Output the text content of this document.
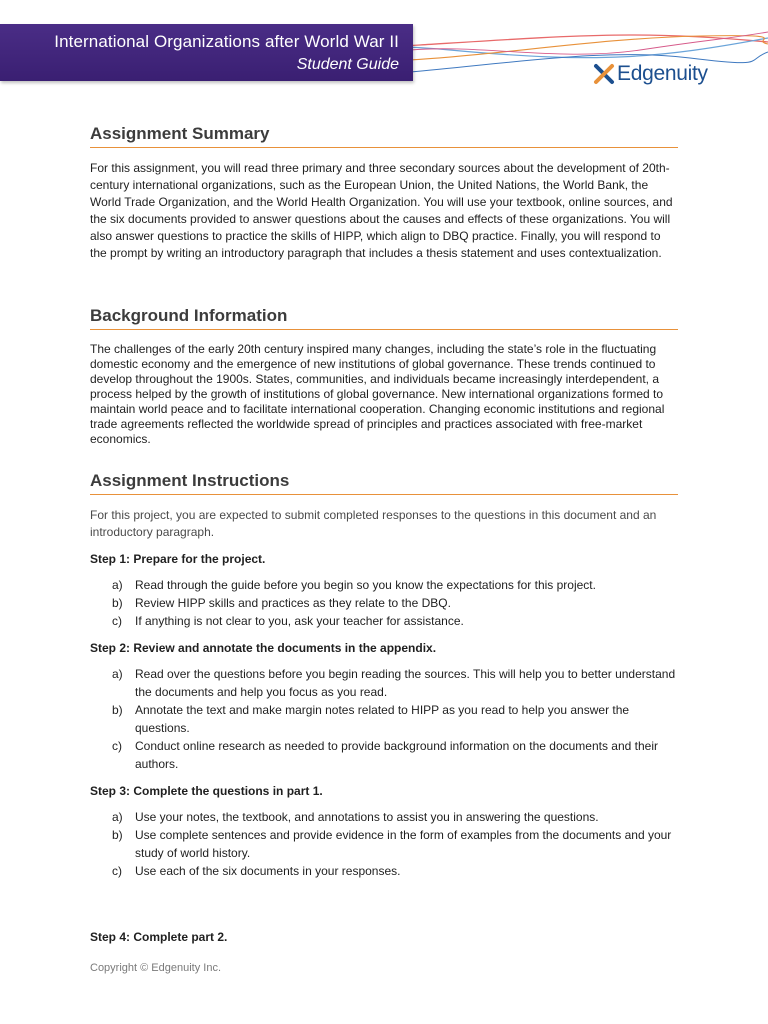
International Organizations after World War II
Student Guide	Edgenuity
Assignment Summary

For this assignment, you will read three primary and three secondary sources about the development of 20th-century international organizations, such as the European Union, the United Nations, the World Bank, the World Trade Organization, and the World Health Organization. You will use your textbook, online sources, and the six documents provided to answer questions about the causes and effects of these organizations. You will also answer questions to practice the skills of HIPP, which align to DBQ practice. Finally, you will respond to the prompt by writing an introductory paragraph that includes a thesis statement and uses contextualization.

Background Information

The challenges of the early 20th century inspired many changes, including the state’s role in the fluctuating domestic economy and the emergence of new institutions of global governance. These trends continued to develop throughout the 1900s. States, communities, and individuals became increasingly interdependent, a process helped by the growth of institutions of global governance. New international organizations formed to maintain world peace and to facilitate international cooperation. Changing economic institutions and regional trade agreements reflected the worldwide spread of principles and practices associated with free-market economics.

Assignment Instructions

For this project, you are expected to submit completed responses to the questions in this document and an introductory paragraph.

Step 1: Prepare for the project.
a) Read through the guide before you begin so you know the expectations for this project.
b) Review HIPP skills and practices as they relate to the DBQ.
c) If anything is not clear to you, ask your teacher for assistance.
Step 2: Review and annotate the documents in the appendix.
a) Read over the questions before you begin reading the sources. This will help you to better understand the documents and help you focus as you read.
b) Annotate the text and make margin notes related to HIPP as you read to help you answer the questions.
c) Conduct online research as needed to provide background information on the documents and their authors.
Step 3: Complete the questions in part 1.
a) Use your notes, the textbook, and annotations to assist you in answering the questions.
b) Use complete sentences and provide evidence in the form of examples from the documents and your study of world history.
c) Use each of the six documents in your responses.
Step 4: Complete part 2.
Copyright © Edgenuity Inc.
